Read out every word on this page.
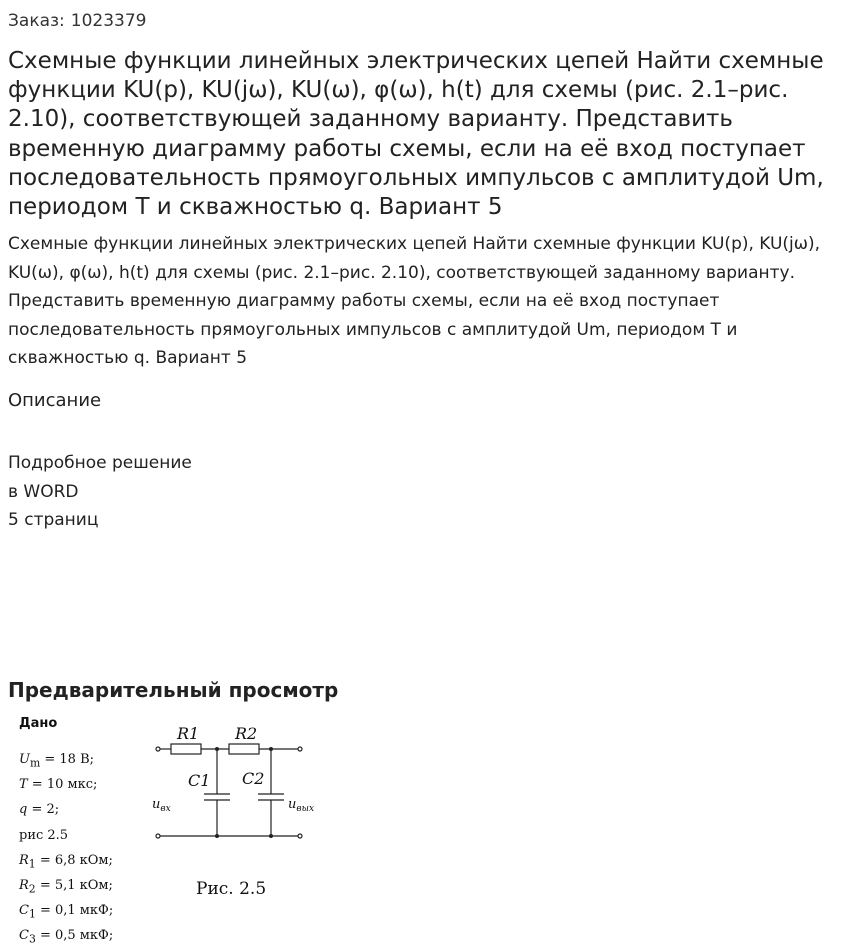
Заказ: 1023379
Схемные функции линейных электрических цепей Найти схемные функции KU(p), KU(jω), KU(ω), φ(ω), h(t) для схемы (рис. 2.1–рис. 2.10), соответствующей заданному варианту. Представить временную диаграмму работы схемы, если на её вход поступает последовательность прямоугольных импульсов с амплитудой Um, периодом T и скважностью q. Вариант 5

Схемные функции линейных электрических цепей Найти схемные функции KU(p), KU(jω), KU(ω), φ(ω), h(t) для схемы (рис. 2.1–рис. 2.10), соответствующей заданному варианту. Представить временную диаграмму работы схемы, если на её вход поступает последовательность прямоугольных импульсов с амплитудой Um, периодом T и скважностью q. Вариант 5

Описание
Подробное решение
в WORD
5 страниц
Предварительный просмотр
Дано
$U_m = 18$ В;
T = 10 мкс;
q = 2;
рис 2.5
$R_1 = 6,8$ кОм;
$R_2 = 5,1$ кОм;
$C_1 = 0,1$ мкФ;
$C_3 = 0,5$ мкФ;
R1 R2
C1 C2
$u_{вх}$	$u_{вых}$
Рис. 2.5
